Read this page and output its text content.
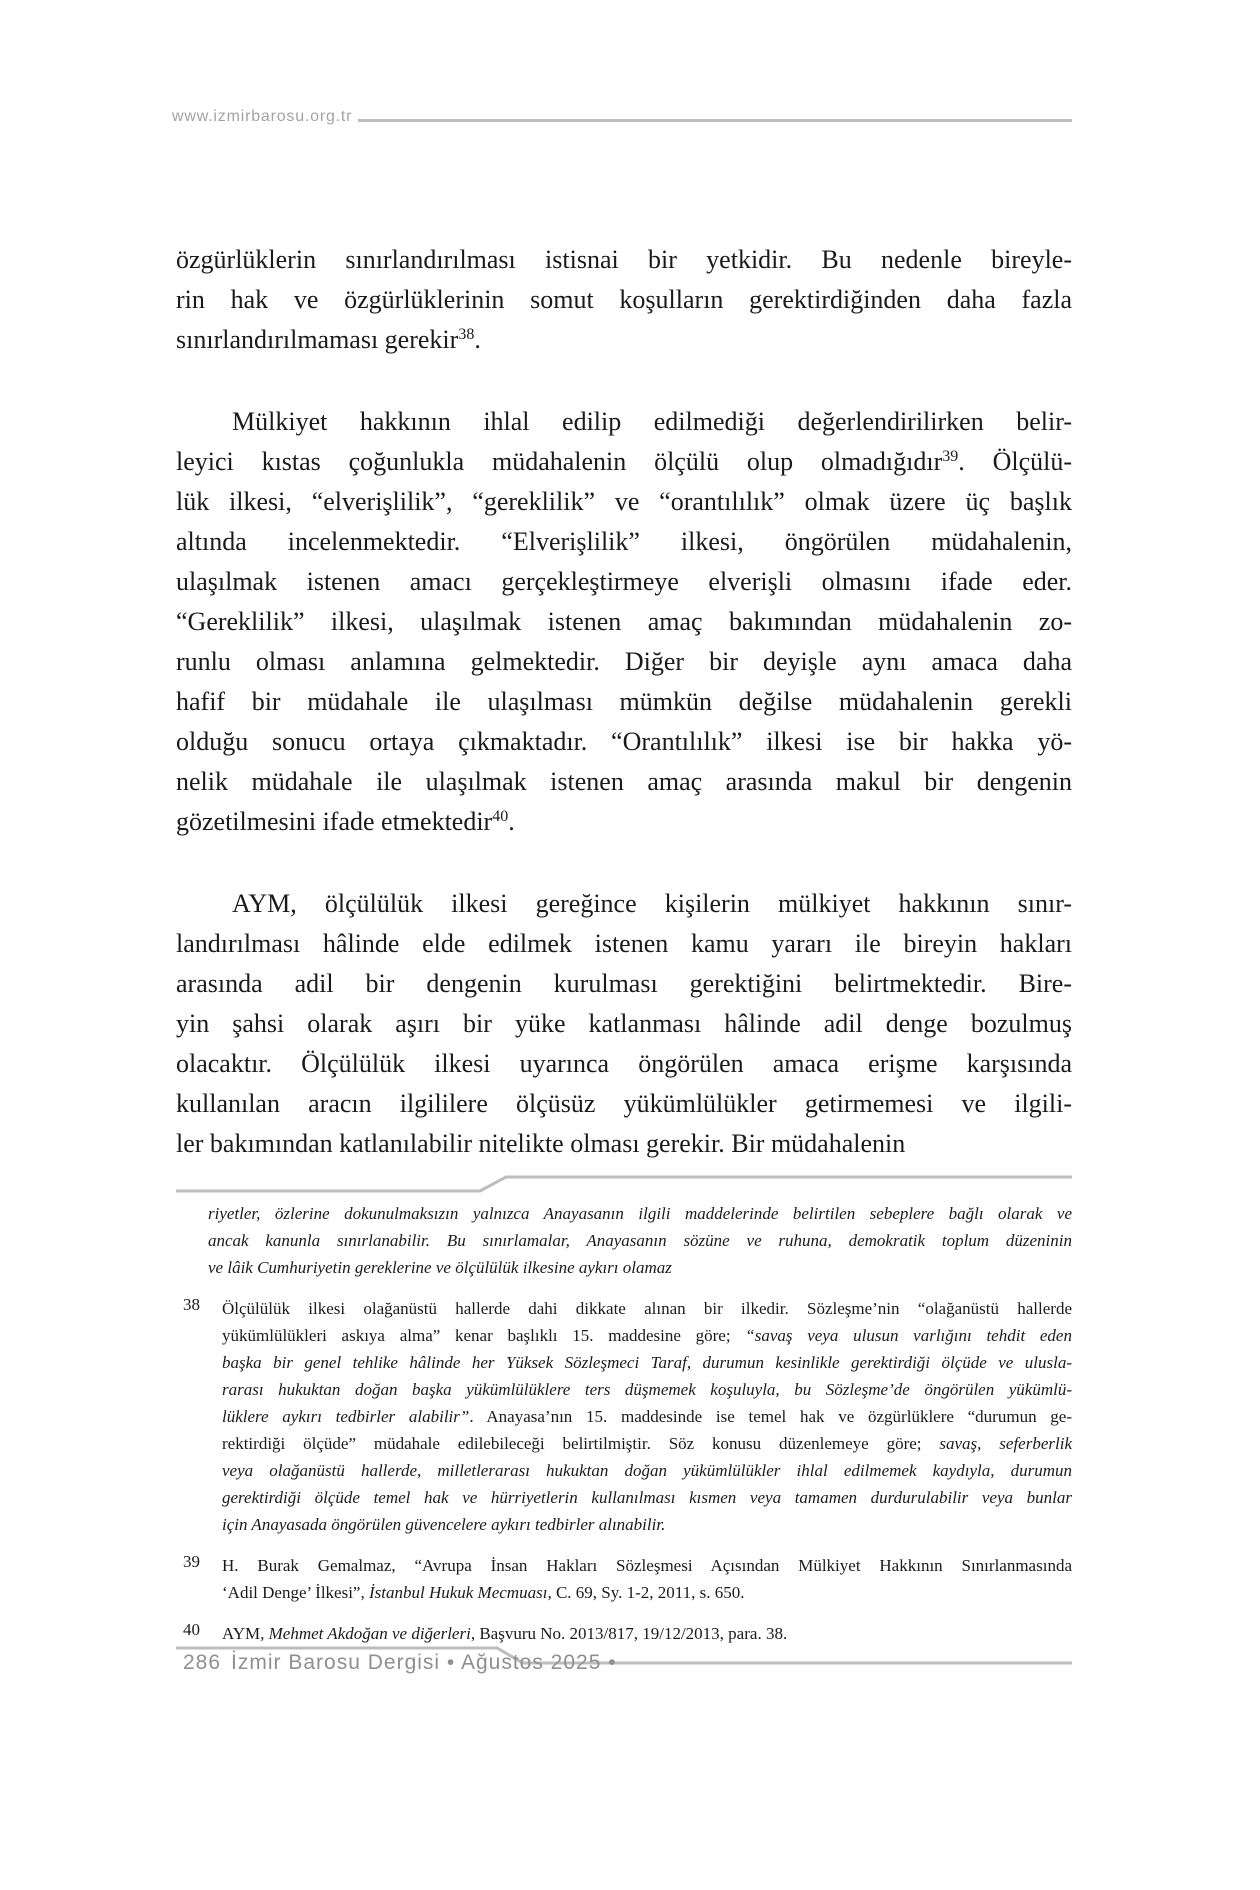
www.izmirbarosu.org.tr
özgürlüklerin sınırlandırılması istisnai bir yetkidir. Bu nedenle bireyle-
rin hak ve özgürlüklerinin somut koşulların gerektirdiğinden daha fazla
sınırlandırılmaması gerekir$^{38}$.
Mülkiyet hakkının ihlal edilip edilmediği değerlendirilirken belir-
leyici kıstas çoğunlukla müdahalenin ölçülü olup olmadığıdır$^{39}$. Ölçülü-
lük ilkesi, “elverişlilik”, “gereklilik” ve “orantılılık” olmak üzere üç başlık
altında incelenmektedir. “Elverişlilik” ilkesi, öngörülen müdahalenin,
ulaşılmak istenen amacı gerçekleştirmeye elverişli olmasını ifade eder.
“Gereklilik” ilkesi, ulaşılmak istenen amaç bakımından müdahalenin zo-
runlu olması anlamına gelmektedir. Diğer bir deyişle aynı amaca daha
hafif bir müdahale ile ulaşılması mümkün değilse müdahalenin gerekli
olduğu sonucu ortaya çıkmaktadır. “Orantılılık” ilkesi ise bir hakka yö-
nelik müdahale ile ulaşılmak istenen amaç arasında makul bir dengenin
gözetilmesini ifade etmektedir$^{40}$.
AYM, ölçülülük ilkesi gereğince kişilerin mülkiyet hakkının sınır-
landırılması hâlinde elde edilmek istenen kamu yararı ile bireyin hakları
arasında adil bir dengenin kurulması gerektiğini belirtmektedir. Bire-
yin şahsi olarak aşırı bir yüke katlanması hâlinde adil denge bozulmuş
olacaktır. Ölçülülük ilkesi uyarınca öngörülen amaca erişme karşısında
kullanılan aracın ilgililere ölçüsüz yükümlülükler getirmemesi ve ilgili-
ler bakımından katlanılabilir nitelikte olması gerekir. Bir müdahalenin
riyetler, özlerine dokunulmaksızın yalnızca Anayasanın ilgili maddelerinde belirtilen sebeplere bağlı olarak ve
ancak kanunla sınırlanabilir. Bu sınırlamalar, Anayasanın sözüne ve ruhuna, demokratik toplum düzeninin
ve lâik Cumhuriyetin gereklerine ve ölçülülük ilkesine aykırı olamaz
38 Ölçülülük ilkesi olağanüstü hallerde dahi dikkate alınan bir ilkedir. Sözleşme’nin “olağanüstü hallerde
yükümlülükleri askıya alma” kenar başlıklı 15. maddesine göre; “savaş veya ulusun varlığını tehdit eden
başka bir genel tehlike hâlinde her Yüksek Sözleşmeci Taraf, durumun kesinlikle gerektirdiği ölçüde ve ulusla-
rarası hukuktan doğan başka yükümlülüklere ters düşmemek koşuluyla, bu Sözleşme’de öngörülen yükümlü-
lüklere aykırı tedbirler alabilir”. Anayasa’nın 15. maddesinde ise temel hak ve özgürlüklere “durumun ge-
rektirdiği ölçüde” müdahale edilebileceği belirtilmiştir. Söz konusu düzenlemeye göre; savaş, seferberlik
veya olağanüstü hallerde, milletlerarası hukuktan doğan yükümlülükler ihlal edilmemek kaydıyla, durumun
gerektirdiği ölçüde temel hak ve hürriyetlerin kullanılması kısmen veya tamamen durdurulabilir veya bunlar
için Anayasada öngörülen güvencelere aykırı tedbirler alınabilir.
39 H. Burak Gemalmaz, “Avrupa İnsan Hakları Sözleşmesi Açısından Mülkiyet Hakkının Sınırlanmasında
‘Adil Denge’ İlkesi”, İstanbul Hukuk Mecmuası, C. 69, Sy. 1-2, 2011, s. 650.
40 AYM, Mehmet Akdoğan ve diğerleri, Başvuru No. 2013/817, 19/12/2013, para. 38.
286 İzmir Barosu Dergisi • Ağustos 2025 •
